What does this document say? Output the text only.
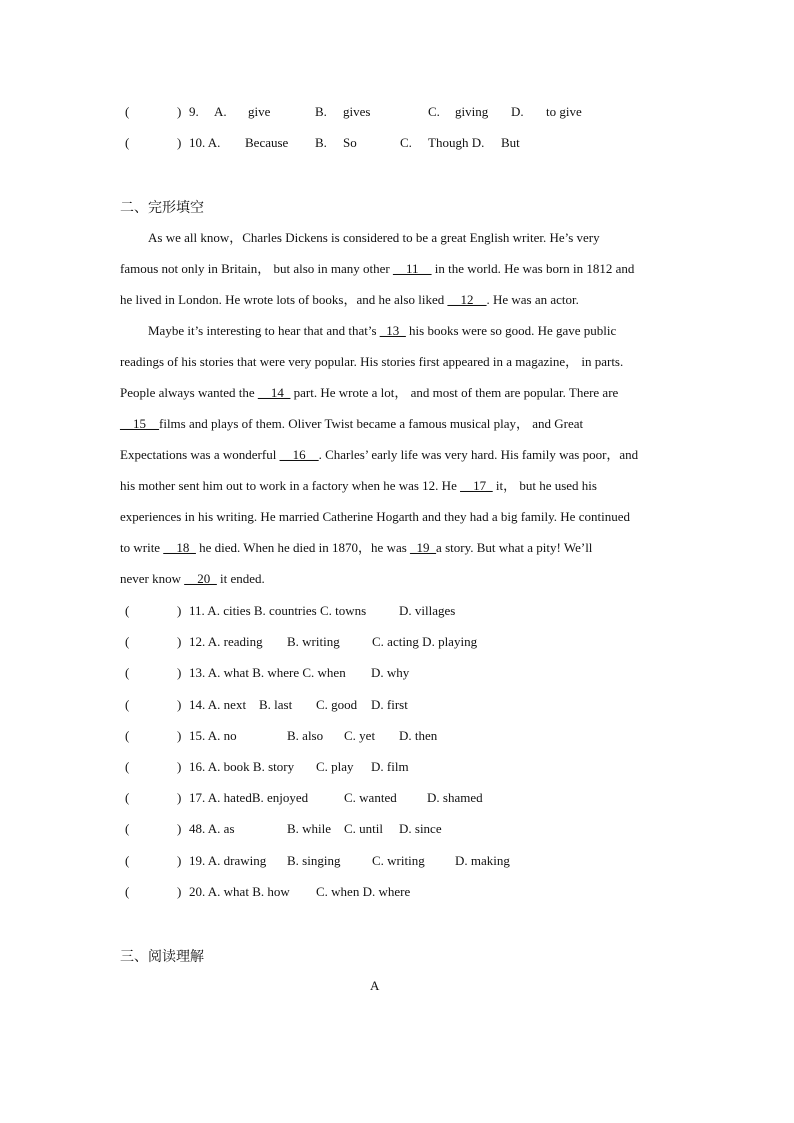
(	) 9. A. give	B. gives	C. giving D. to give
(	) 10. A. Because B. So	C. Though D. But
二、完形填空
As we all know，Charles Dickens is considered to be a great English writer. He’s very
famous not only in Britain， but also in many other __11__ in the world. He was born in 1812 and
he lived in London. He wrote lots of books，and he also liked __12__. He was an actor.
Maybe it’s interesting to hear that and that’s _13_ his books were so good. He gave public
readings of his stories that were very popular. His stories first appeared in a magazine， in parts.
People always wanted the __14_ part. He wrote a lot， and most of them are popular. There are
__15__films and plays of them. Oliver Twist became a famous musical play， and Great
Expectations was a wonderful __16__. Charles’ early life was very hard. His family was poor，and
his mother sent him out to work in a factory when he was 12. He __17_ it， but he used his
experiences in his writing. He married Catherine Hogarth and they had a big family. He continued
to write __18_ he died. When he died in 1870，he was _19_a story. But what a pity! We’ll
never know __20_ it ended.
(	) 11. A. cities B. countries C. towns	D. villages
(	) 12. A. reading B. writing C. acting D. playing
(	) 13. A. what B. where C. when D. why
(	) 14. A. next B. last C. good D. first
(	) 15. A. no	B. also C. yet D. then
(	) 16. A. book B. story C. play D. film
(	) 17. A. hatedB. enjoyed	C. wanted D. shamed
(	) 48. A. as	B. while C. until D. since
(	) 19. A. drawing B. singing C. writing D. making
(	) 20. A. what B. how C. when D. where
三、阅读理解
A
